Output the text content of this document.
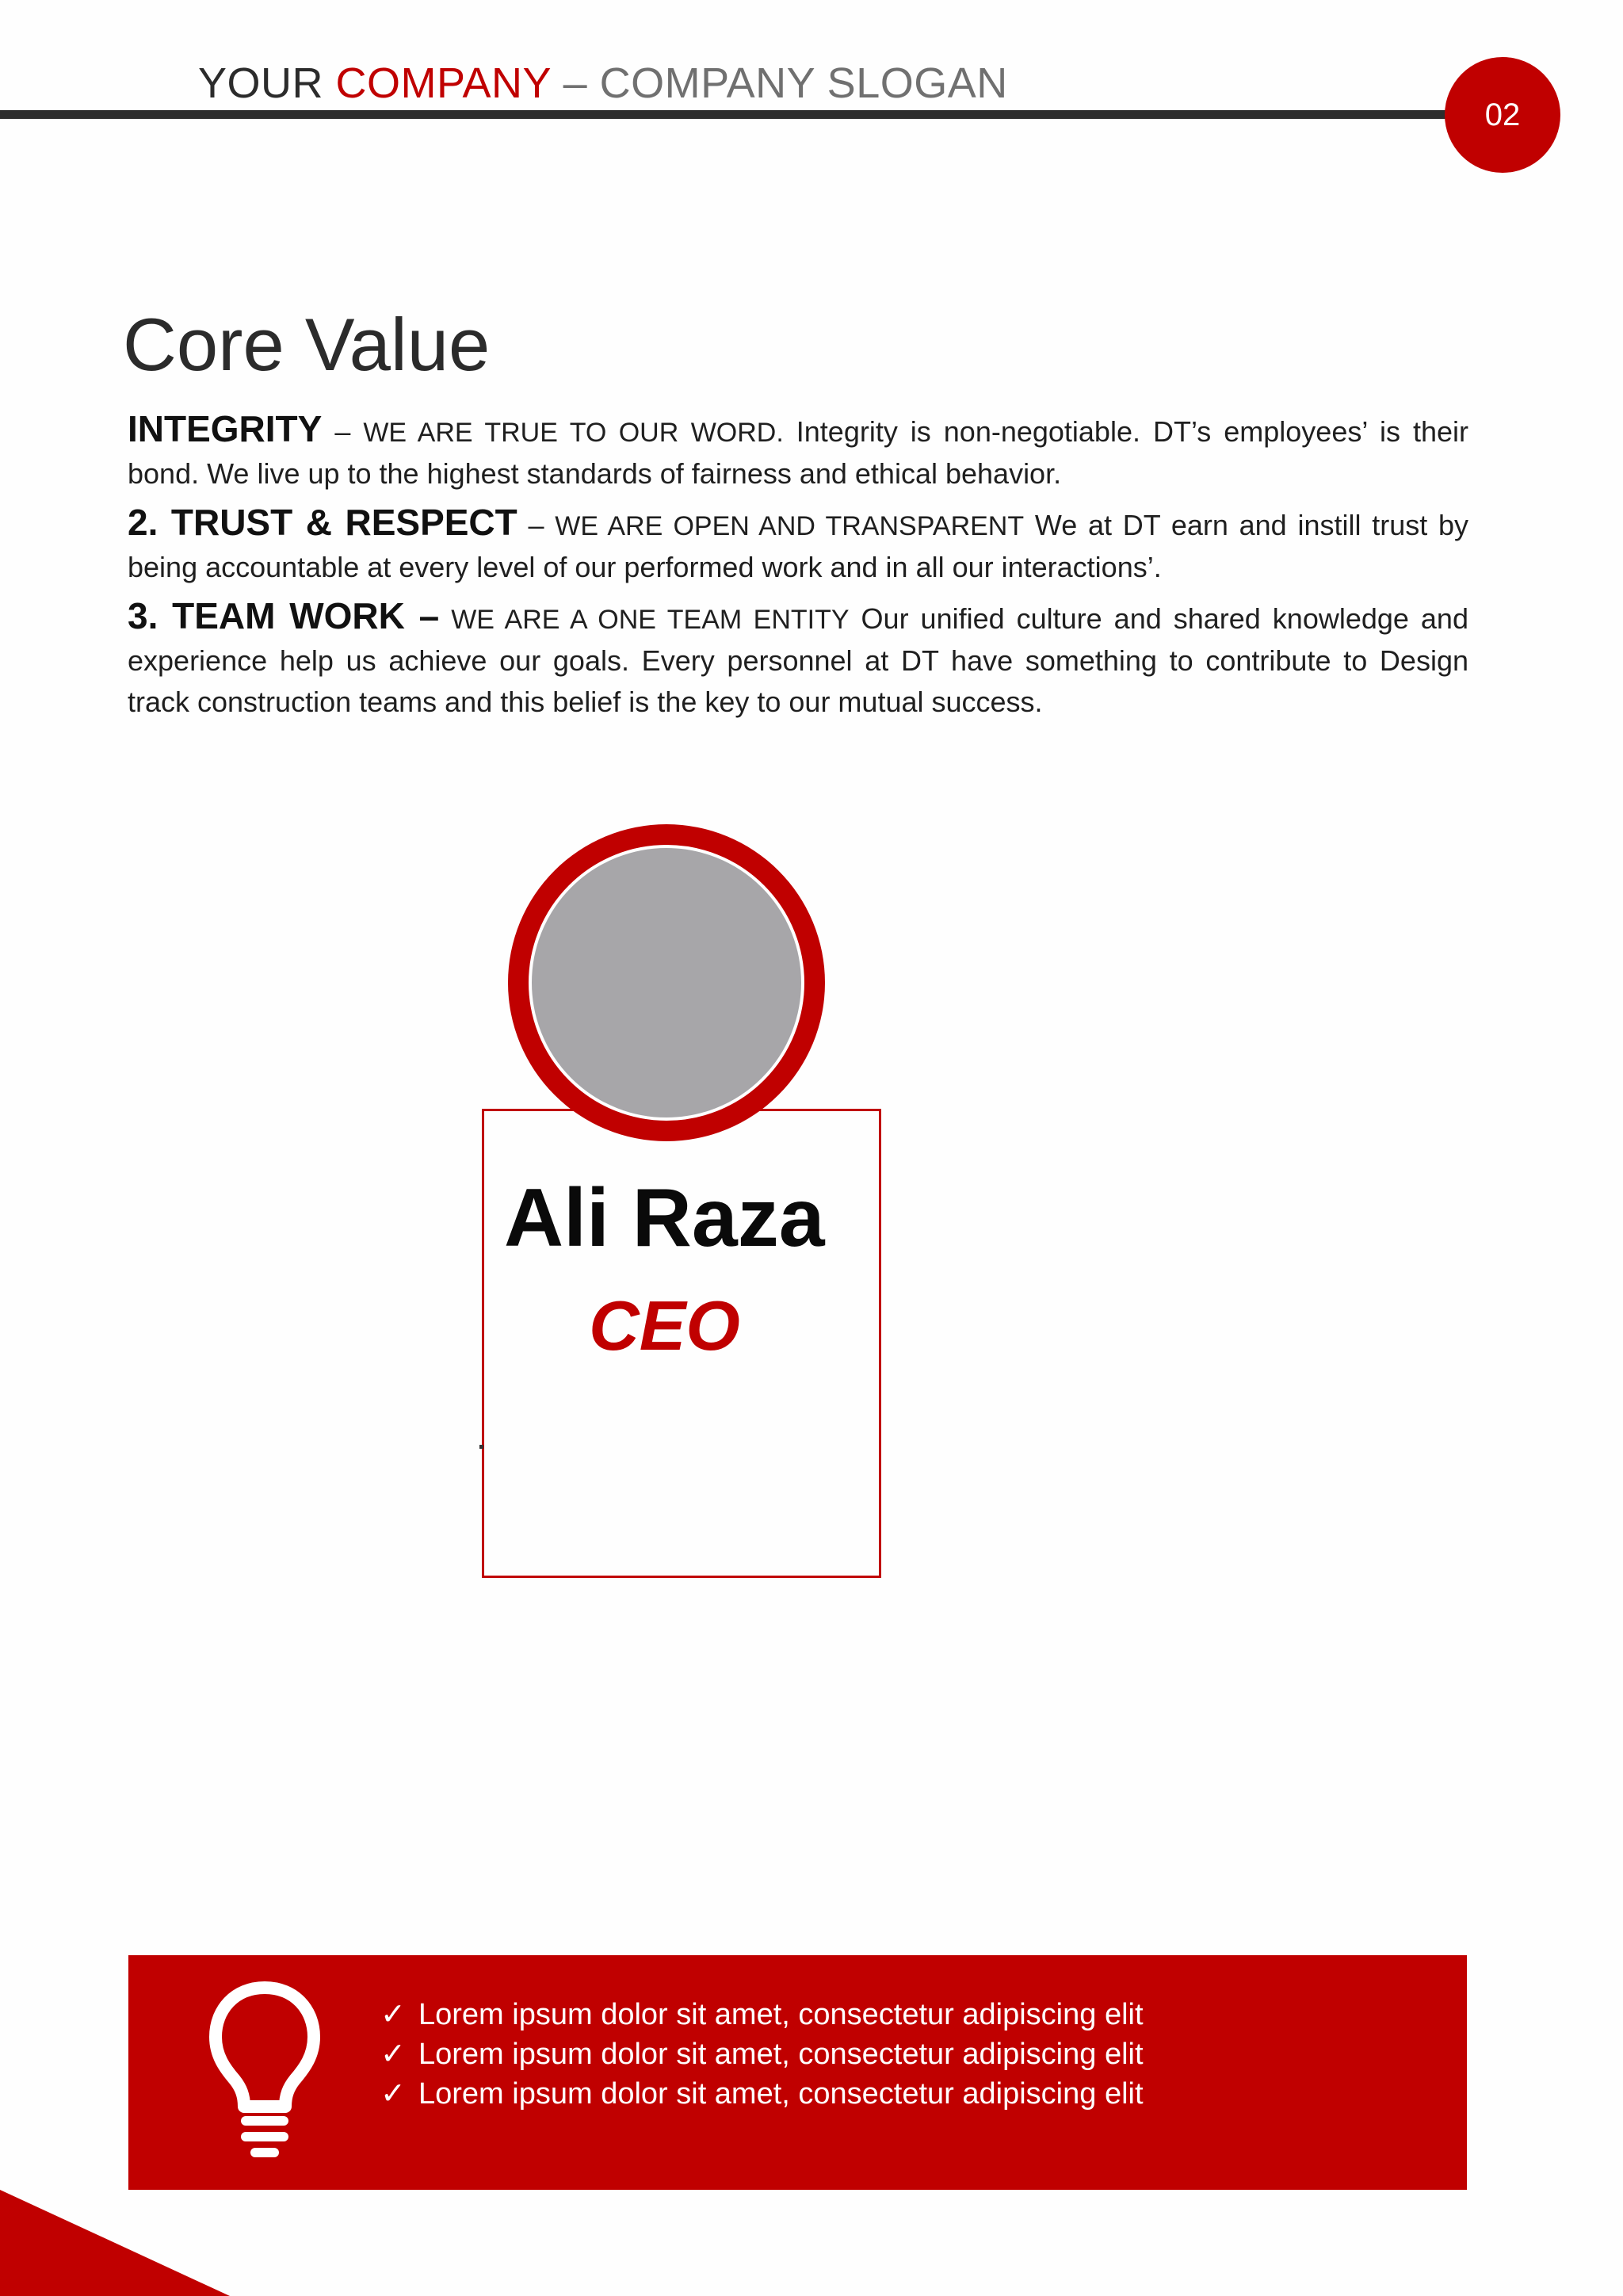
YOUR COMPANY – COMPANY SLOGAN
02
Core Value

INTEGRITY – WE ARE TRUE TO OUR WORD. Integrity is non-negotiable. DT’s employees’ is their bond. We live up to the highest standards of fairness and ethical behavior.

2. TRUST & RESPECT – WE ARE OPEN AND TRANSPARENT We at DT earn and instill trust by being accountable at every level of our performed work and in all our interactions’.

3. TEAM WORK – WE ARE A ONE TEAM ENTITY Our unified culture and shared knowledge and experience help us achieve our goals. Every personnel at DT have something to contribute to Design track construction teams and this belief is the key to our mutual success.

Ali Raza
CEO
✓ Lorem ipsum dolor sit amet, consectetur adipiscing elit
✓ Lorem ipsum dolor sit amet, consectetur adipiscing elit
✓ Lorem ipsum dolor sit amet, consectetur adipiscing elit
